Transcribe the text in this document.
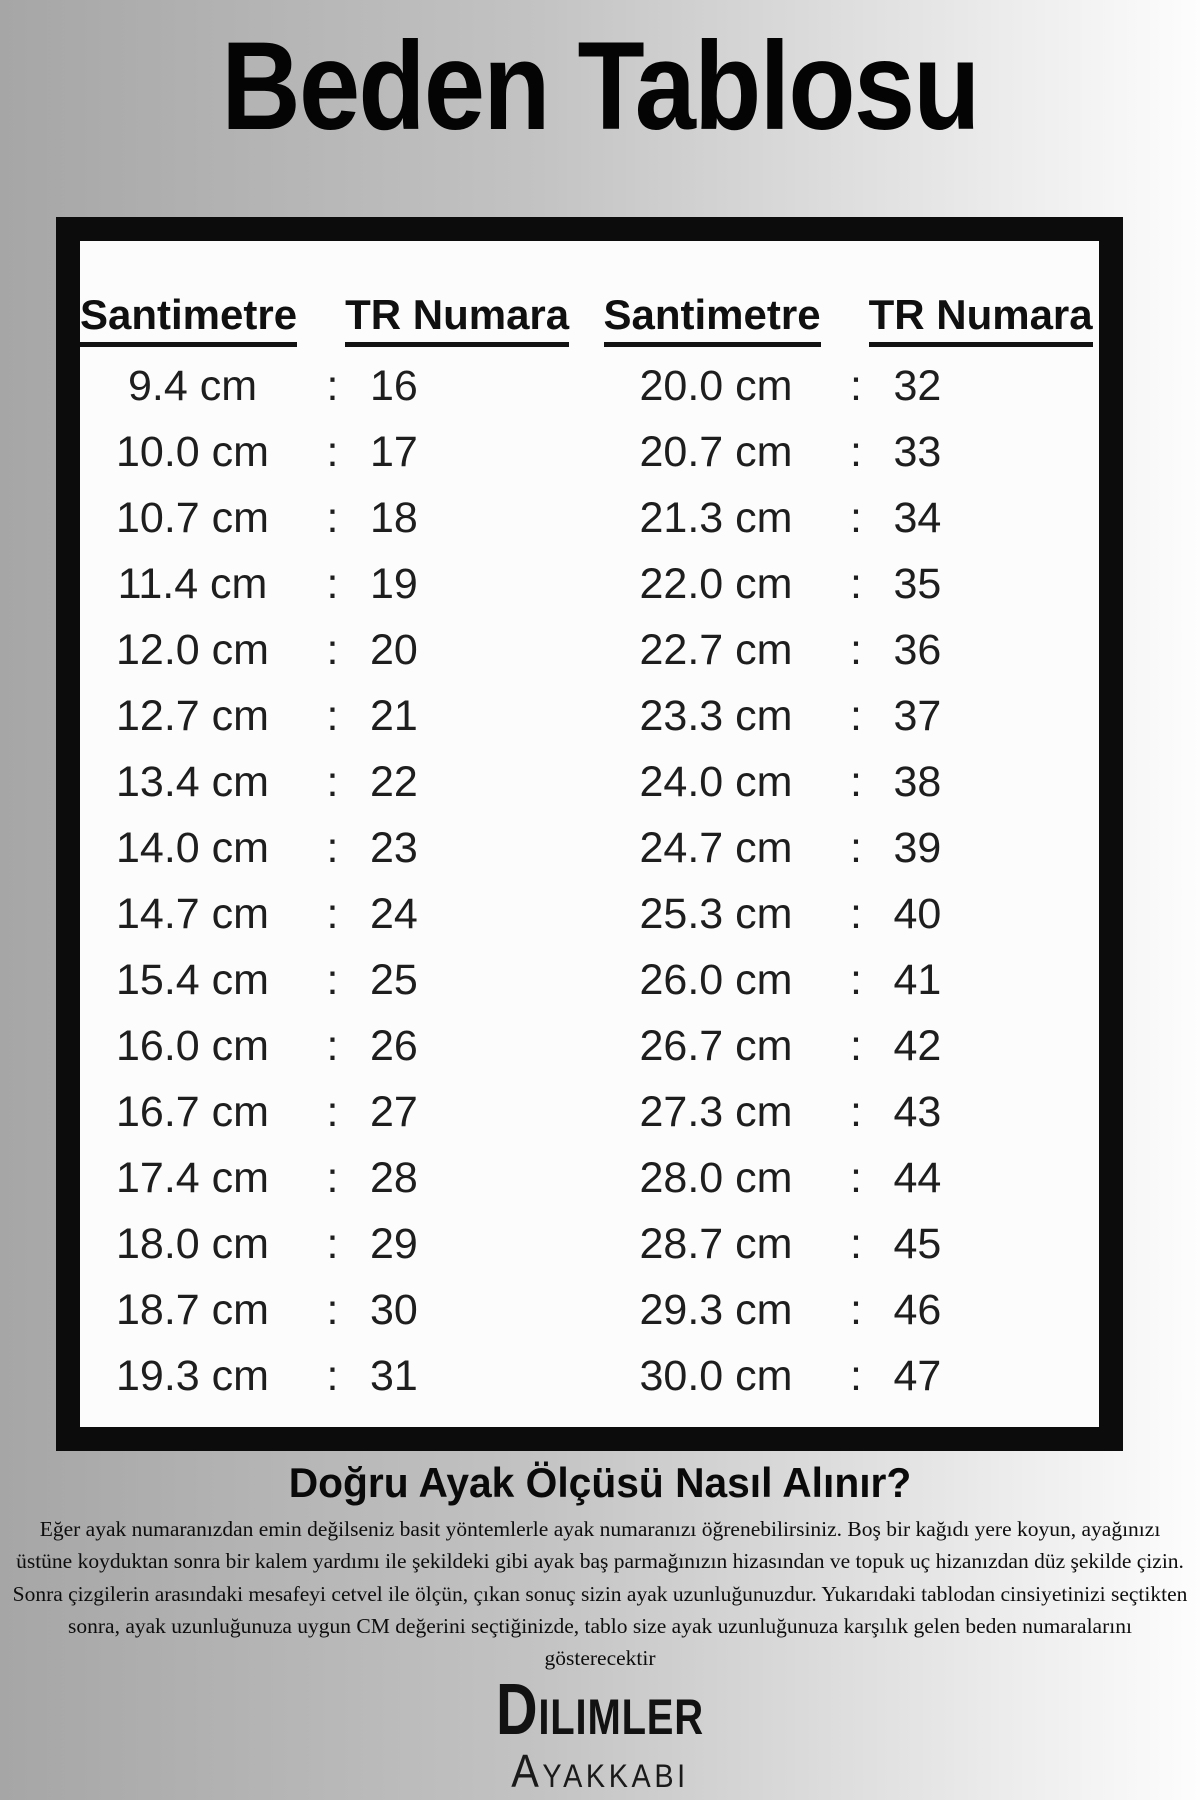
Beden Tablosu
Santimetre TR Numara
9.4 cm	: 16
10.0 cm	: 17
10.7 cm	: 18
11.4 cm	: 19
12.0 cm	: 20
12.7 cm	: 21
13.4 cm	: 22
14.0 cm	: 23
14.7 cm	: 24
15.4 cm	: 25
16.0 cm	: 26
16.7 cm	: 27
17.4 cm	: 28
18.0 cm	: 29
18.7 cm	: 30
19.3 cm	: 31
Santimetre TR Numara
20.0 cm	: 32
20.7 cm	: 33
21.3 cm	: 34
22.0 cm	: 35
22.7 cm	: 36
23.3 cm	: 37
24.0 cm	: 38
24.7 cm	: 39
25.3 cm	: 40
26.0 cm	: 41
26.7 cm	: 42
27.3 cm	: 43
28.0 cm	: 44
28.7 cm	: 45
29.3 cm	: 46
30.0 cm	: 47
Doğru Ayak Ölçüsü Nasıl Alınır?

Eğer ayak numaranızdan emin değilseniz basit yöntemlerle ayak numaranızı öğrenebilirsiniz. Boş bir kağıdı yere koyun, ayağınızı üstüne koyduktan sonra bir kalem yardımı ile şekildeki gibi ayak baş parmağınızın hizasından ve topuk uç hizanızdan düz şekilde çizin. Sonra çizgilerin arasındaki mesafeyi cetvel ile ölçün, çıkan sonuç sizin ayak uzunluğunuzdur. Yukarıdaki tablodan cinsiyetinizi seçtikten sonra, ayak uzunluğunuza uygun CM değerini seçtiğinizde, tablo size ayak uzunluğunuza karşılık gelen beden numaralarını gösterecektir

Dilimler
Ayakkabı
